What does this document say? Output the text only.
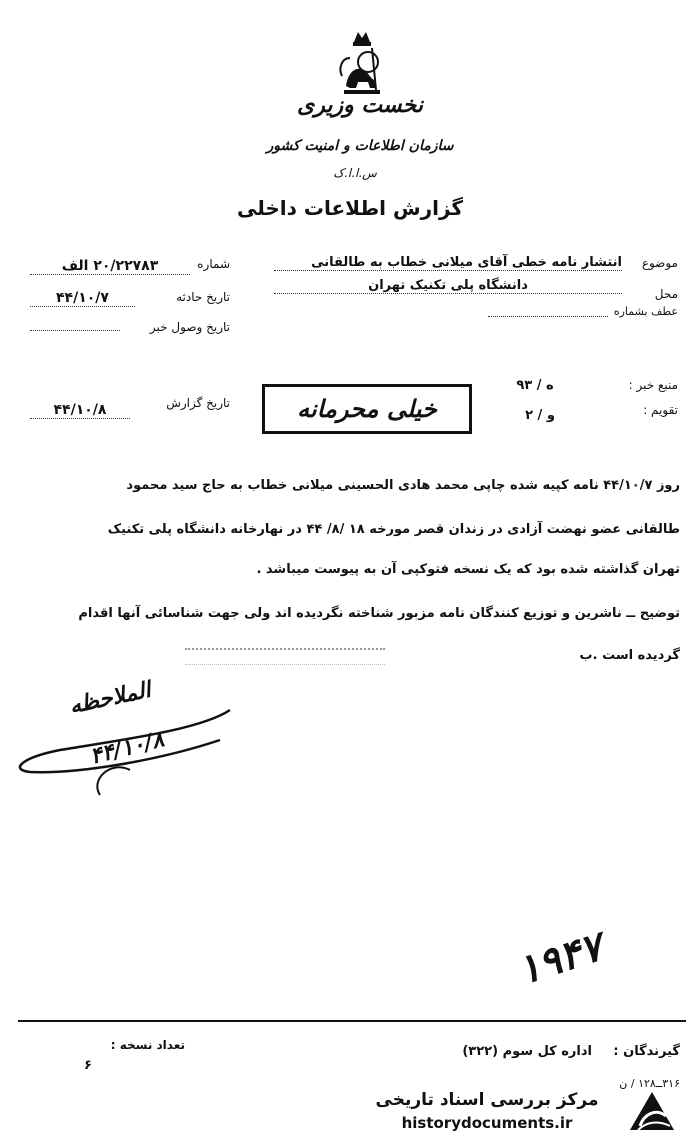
نخست وزیری
سازمان اطلاعات و امنیت کشور
س.ا.ا.ک
گزارش اطلاعات داخلی
موضوع
انتشار نامه خطی آقای میلانی خطاب به طالقانی
محل
دانشگاه پلی تکنیک تهران
عطف بشماره
منبع خبر :
ه / ۹۳
تقویم :
و / ۲
شماره
۲۰/۲۲۷۸۳ الف
تاریخ حادثه
۴۴/۱۰/۷
تاریخ وصول خبر
تاریخ گزارش
۴۴/۱۰/۸	خیلی محرمانه
روز ۴۴/۱۰/۷ نامه کپیه شده چاپی محمد هادی الحسینی میلانی خطاب به حاج سید محمود
طالقانی عضو نهضت آزادی در زندان قصر مورخه ۱۸ /۸/ ۴۴ در نهارخانه دانشگاه پلی تکنیک
تهران گذاشته شده بود که یک نسخه فتوکپی آن به پیوست میباشد .
توضیح ــ ناشرین و توزیع کنندگان نامه مزبور شناخته نگردیده اند ولی جهت شناسائی آنها اقدام
گردیده است .ب
الملاحظه
۴۴/۱۰/۸
۱۹۴۷
گیرندگان :
اداره کل سوم (۳۲۲)
تعداد نسخه :
۶
۳۱۶ــ۱۲۸ / ن
مرکز بررسی اسناد تاریخی
historydocuments.ir
